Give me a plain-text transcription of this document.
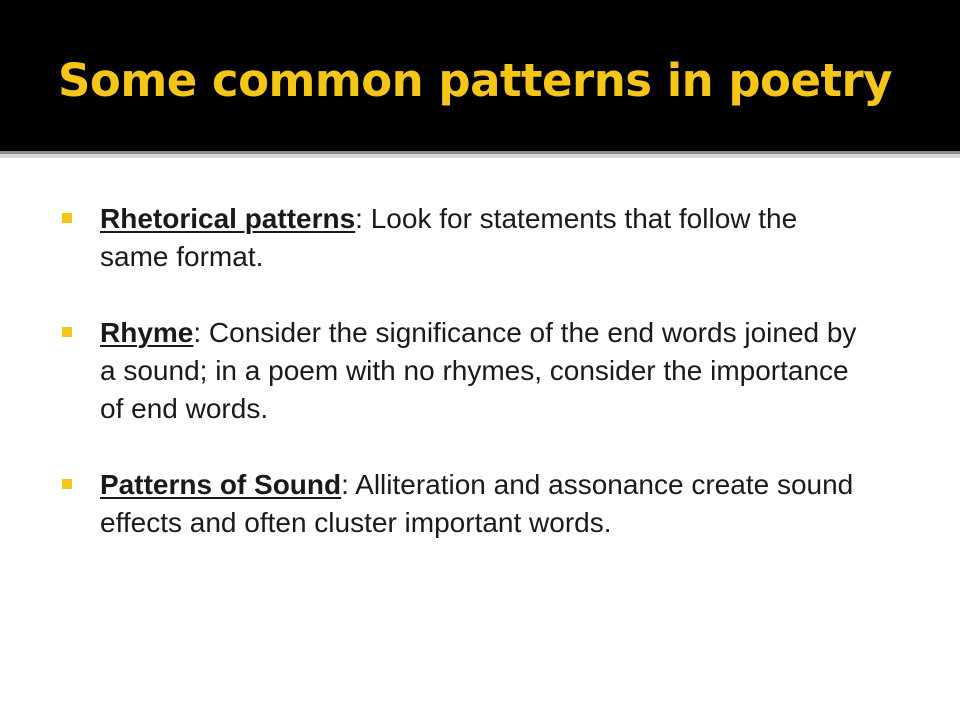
Some common patterns in poetry
Rhetorical patterns: Look for statements that follow the same format.
Rhyme: Consider the significance of the end words joined by a sound; in a poem with no rhymes, consider the importance of end words.
Patterns of Sound: Alliteration and assonance create sound effects and often cluster important words.
